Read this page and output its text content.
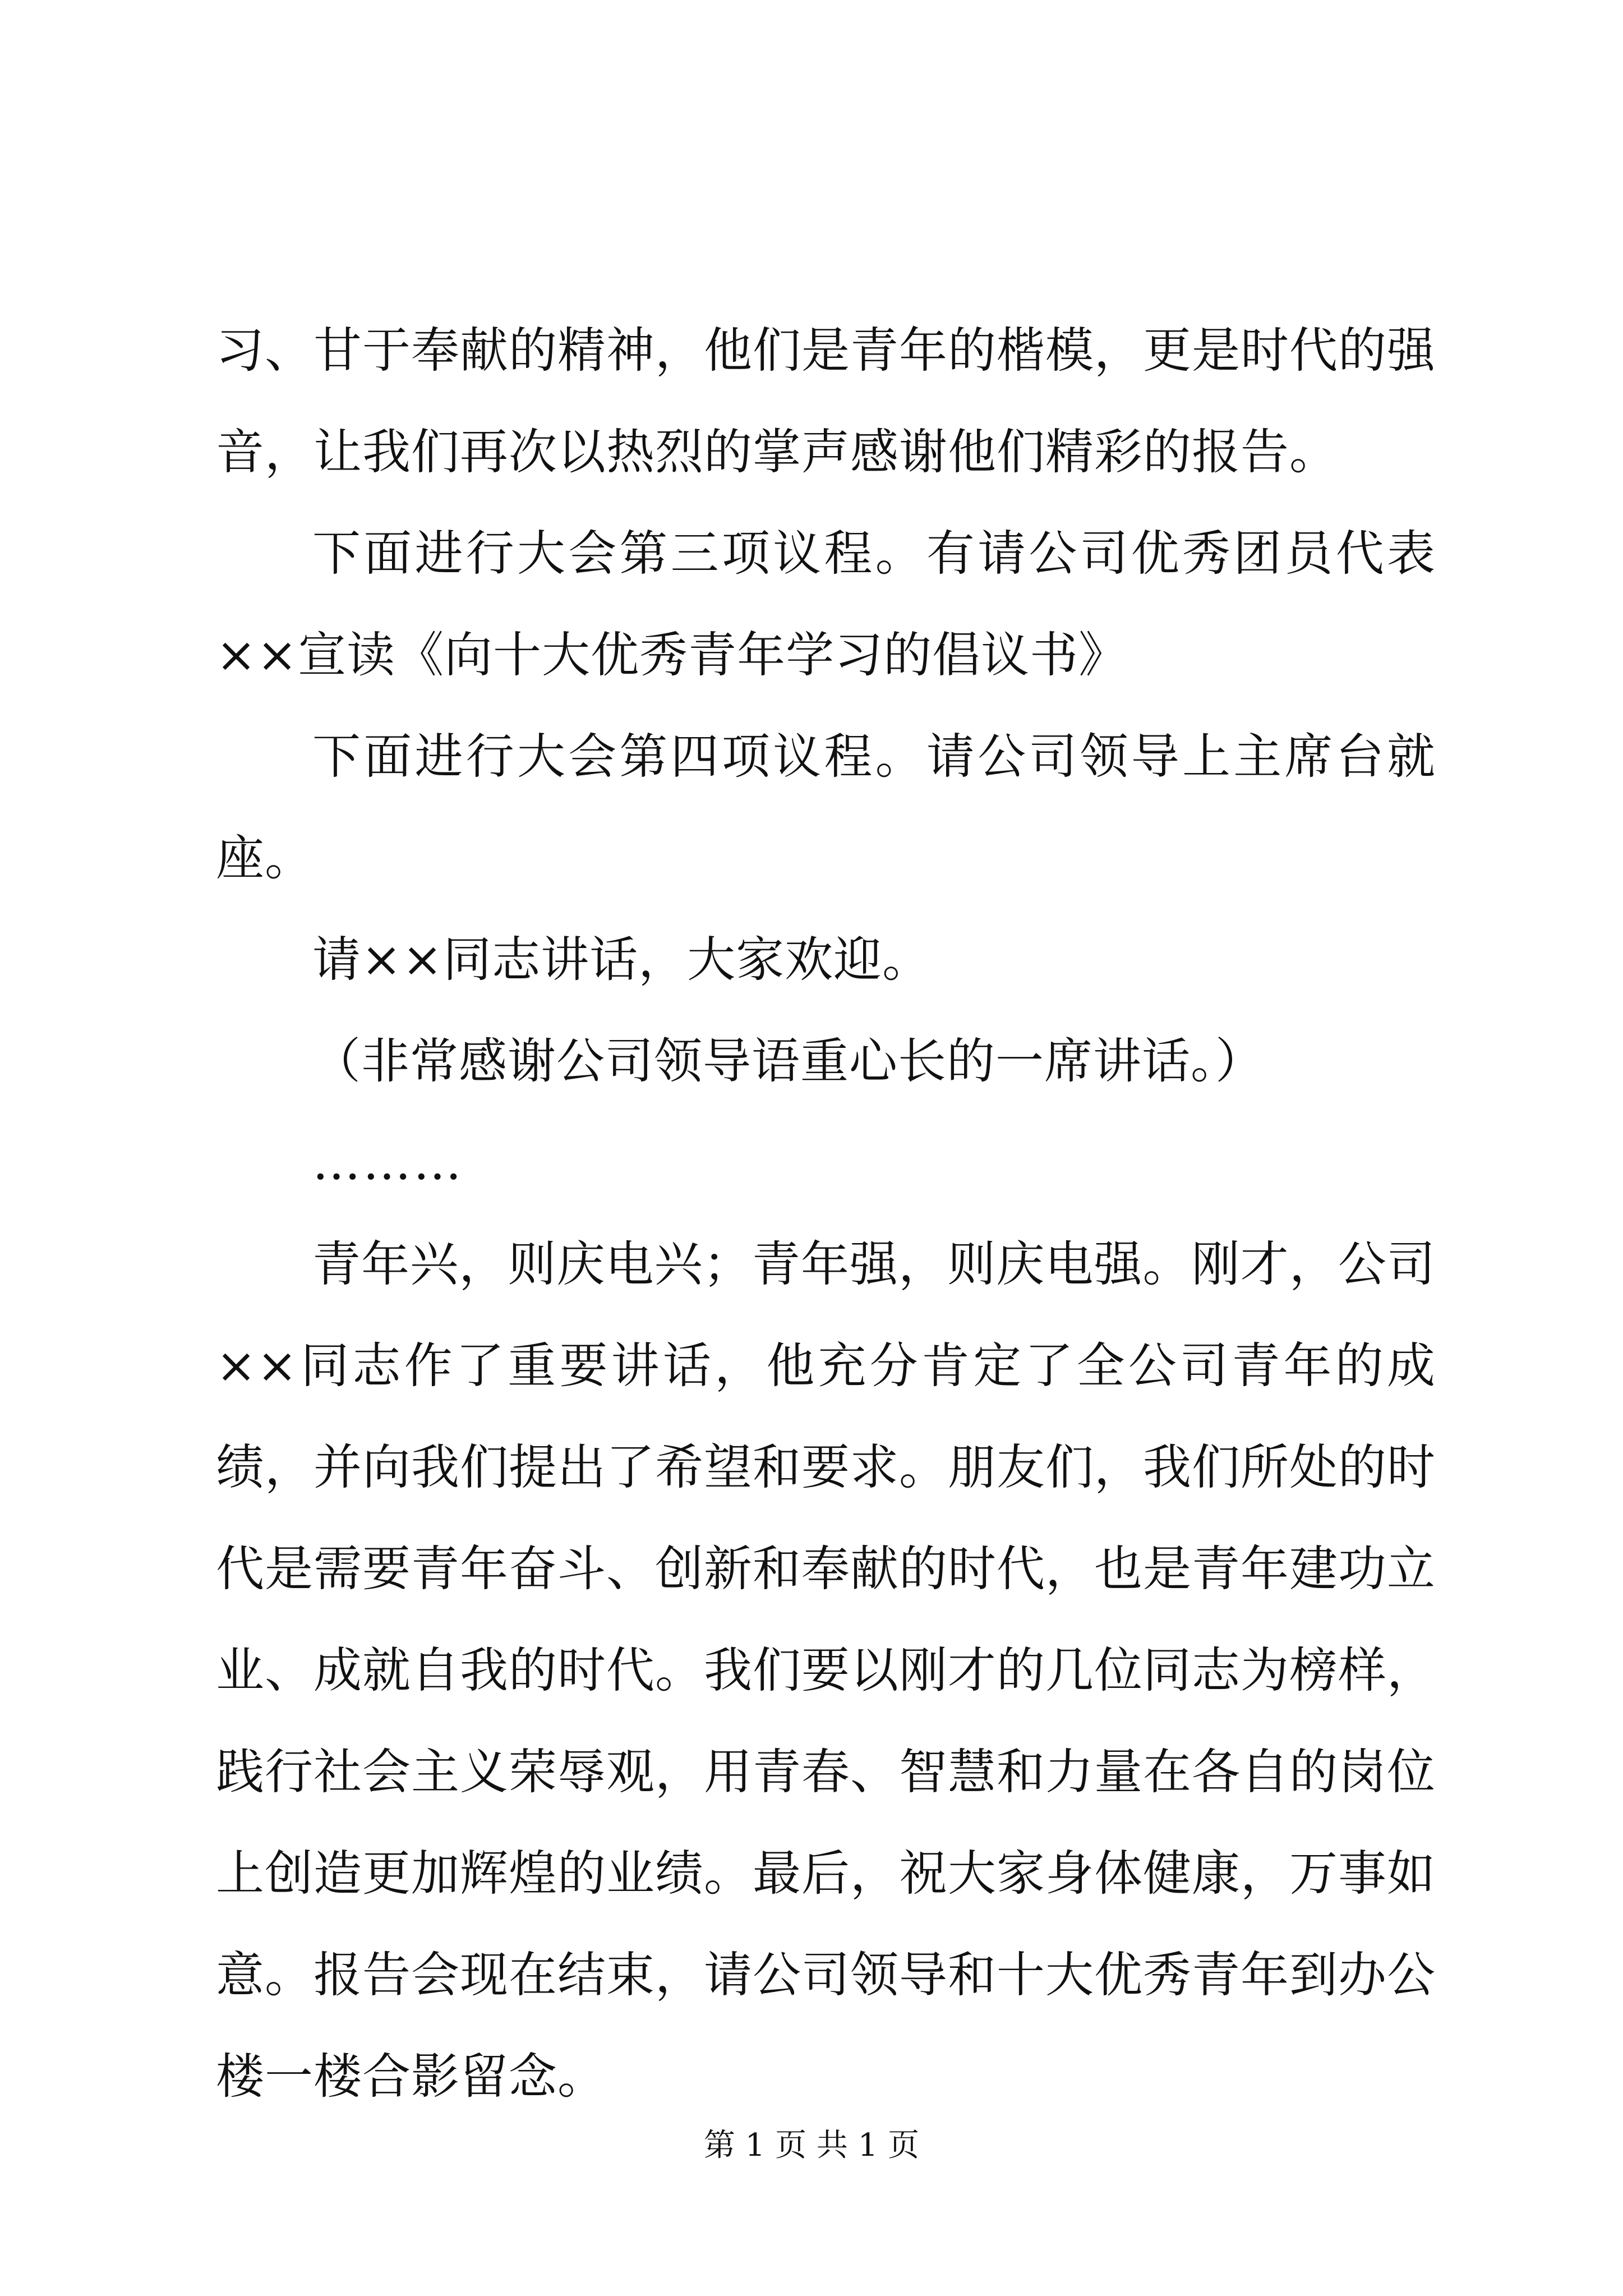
习、甘于奉献的精神，他们是青年的楷模，更是时代的强音，让我们再次以热烈的掌声感谢他们精彩的报告。

下面进行大会第三项议程。有请公司优秀团员代表××宣读《向十大优秀青年学习的倡议书》

下面进行大会第四项议程。请公司领导上主席台就座。

请××同志讲话，大家欢迎。

（非常感谢公司领导语重心长的一席讲话。）

………

青年兴，则庆电兴；青年强，则庆电强。刚才，公司××同志作了重要讲话，他充分肯定了全公司青年的成绩，并向我们提出了希望和要求。朋友们，我们所处的时代是需要青年奋斗、创新和奉献的时代，也是青年建功立业、成就自我的时代。我们要以刚才的几位同志为榜样，践行社会主义荣辱观，用青春、智慧和力量在各自的岗位上创造更加辉煌的业绩。最后，祝大家身体健康，万事如意。报告会现在结束，请公司领导和十大优秀青年到办公楼一楼合影留念。

第 1 页 共 1 页
